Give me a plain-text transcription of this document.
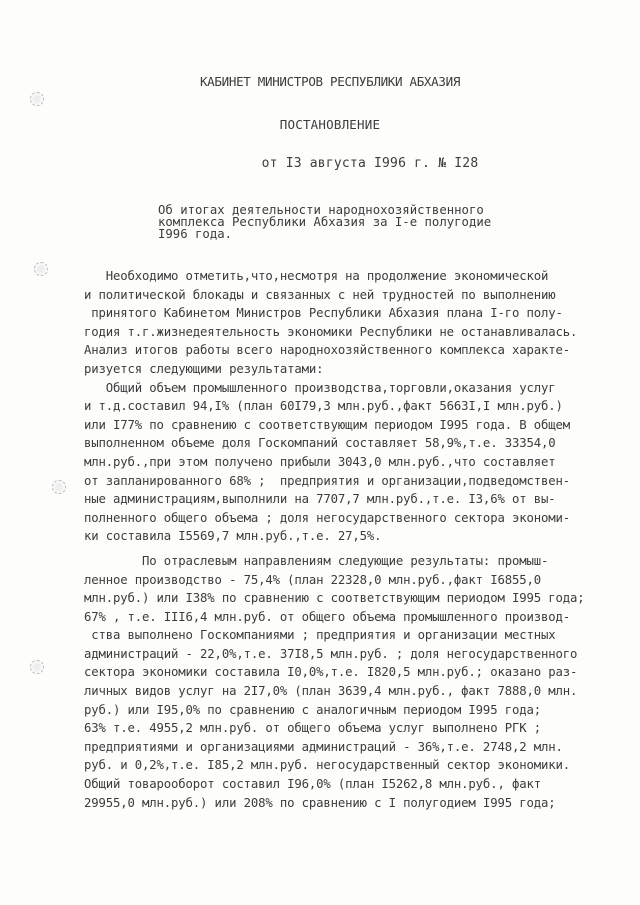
КАБИНЕТ МИНИСТРОВ РЕСПУБЛИКИ АБХАЗИЯ
ПОСТАНОВЛЕНИЕ
от I3 августа I996 г. № I28
Об итогах деятельности народнохозяйственного
комплекса Республики Абхазия за I-е полугодие
I996 года.
Необходимо отметить,что,несмотря на продолжение экономической
и политической блокады и связанных с ней трудностей по выполнению
принятого Кабинетом Министров Республики Абхазия плана I-го полу-
годия т.г.жизнедеятельность экономики Республики не останавливалась.
Анализ итогов работы всего народнохозяйственного комплекса характе-
ризуется следующими результатами:
Общий объем промышленного производства,торговли,оказания услуг
и т.д.составил 94,I% (план 60I79,3 млн.руб.,факт 5663I,I млн.руб.)
или I77% по сравнению с соответствующим периодом I995 года. В общем
выполненном объеме доля Госкомпаний составляет 58,9%,т.е. 33354,0
млн.руб.,при этом получено прибыли 3043,0 млн.руб.,что составляет
от запланированного 68% ;  предприятия и организации,подведомствен-
ные администрациям,выполнили на 7707,7 млн.руб.,т.е. I3,6% от вы-
полненного общего объема ; доля негосударственного сектора экономи-
ки составила I5569,7 млн.руб.,т.е. 27,5%.
По отраслевым направлениям следующие результаты: промыш-
ленное производство - 75,4% (план 22328,0 млн.руб.,факт I6855,0
млн.руб.) или I38% по сравнению с соответствующим периодом I995 года;
67% , т.е. III6,4 млн.руб. от общего объема промышленного производ-
ства выполнено Госкомпаниями ; предприятия и организации местных
администраций - 22,0%,т.е. 37I8,5 млн.руб. ; доля негосударственного
сектора экономики составила I0,0%,т.е. I820,5 млн.руб.; оказано раз-
личных видов услуг на 2I7,0% (план 3639,4 млн.руб., факт 7888,0 млн.
руб.) или I95,0% по сравнению с аналогичным периодом I995 года;
63% т.е. 4955,2 млн.руб. от общего объема услуг выполнено РГК ;
предприятиями и организациями администраций - 36%,т.е. 2748,2 млн.
руб. и 0,2%,т.е. I85,2 млн.руб. негосударственный сектор экономики.
Общий товарооборот составил I96,0% (план I5262,8 млн.руб., факт
29955,0 млн.руб.) или 208% по сравнению с I полугодием I995 года;
